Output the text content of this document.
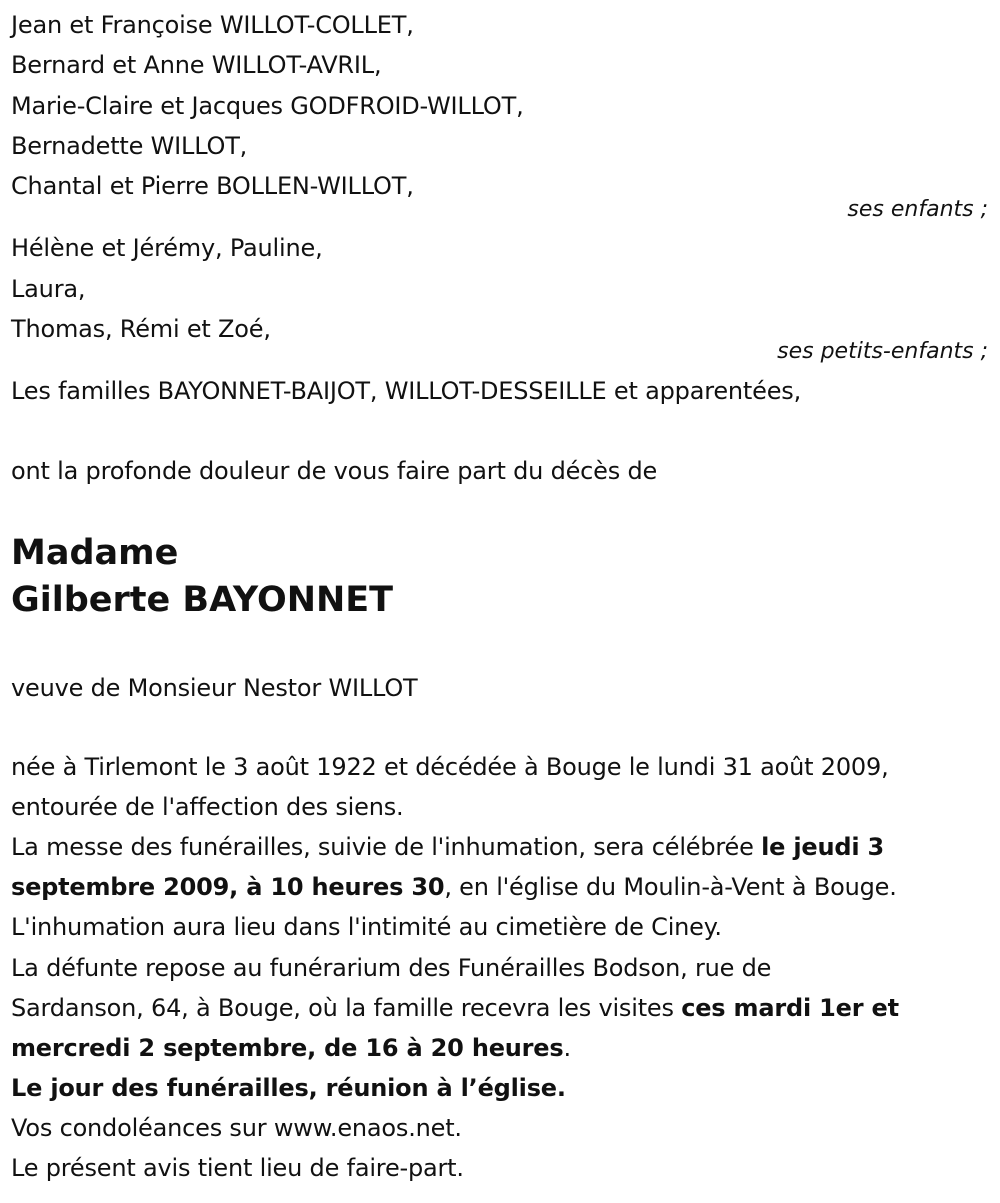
Jean et Françoise WILLOT-COLLET,
Bernard et Anne WILLOT-AVRIL,
Marie-Claire et Jacques GODFROID-WILLOT,
Bernadette WILLOT,
Chantal et Pierre BOLLEN-WILLOT,
ses enfants ;
Hélène et Jérémy, Pauline,
Laura,
Thomas, Rémi et Zoé,
ses petits-enfants ;
Les familles BAYONNET-BAIJOT, WILLOT-DESSEILLE et apparentées,
ont la profonde douleur de vous faire part du décès de
Madame
Gilberte BAYONNET
veuve de Monsieur Nestor WILLOT
née à Tirlemont le 3 août 1922 et décédée à Bouge le lundi 31 août 2009,
entourée de l'affection des siens.
La messe des funérailles, suivie de l'inhumation, sera célébrée le jeudi 3
septembre 2009, à 10 heures 30, en l'église du Moulin-à-Vent à Bouge.
L'inhumation aura lieu dans l'intimité au cimetière de Ciney.
La défunte repose au funérarium des Funérailles Bodson, rue de
Sardanson, 64, à Bouge, où la famille recevra les visites ces mardi 1er et
mercredi 2 septembre, de 16 à 20 heures.
Le jour des funérailles, réunion à l’église.
Vos condoléances sur www.enaos.net.
Le présent avis tient lieu de faire-part.
